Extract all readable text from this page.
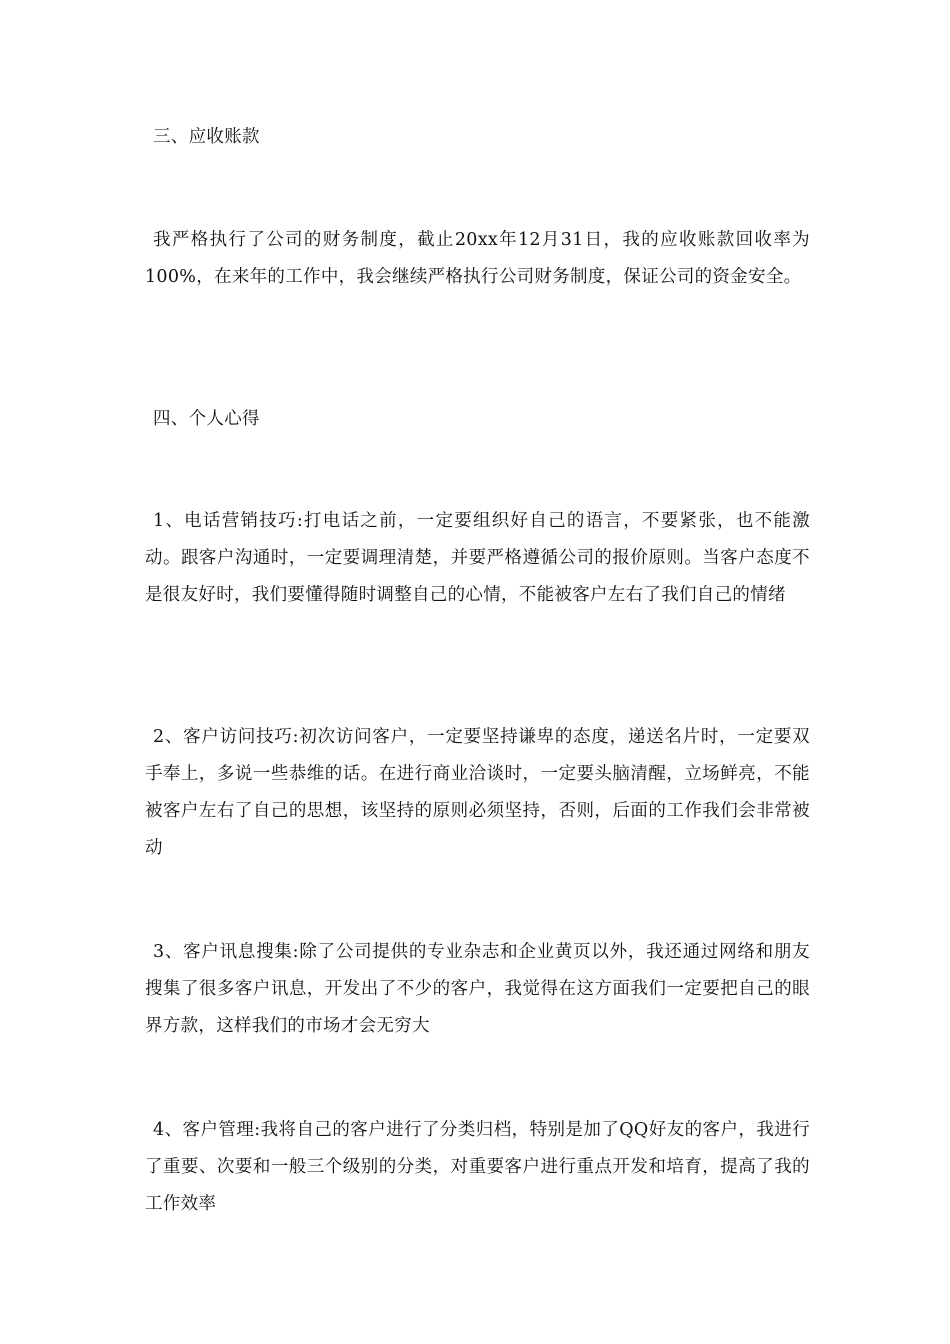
三、应收账款

我严格执行了公司的财务制度，截止20xx年12月31日，我的应收账款回收率为100%，在来年的工作中，我会继续严格执行公司财务制度，保证公司的资金安全。

四、个人心得

1、电话营销技巧:打电话之前，一定要组织好自己的语言，不要紧张，也不能激动。跟客户沟通时，一定要调理清楚，并要严格遵循公司的报价原则。当客户态度不是很友好时，我们要懂得随时调整自己的心情，不能被客户左右了我们自己的情绪

2、客户访问技巧:初次访问客户，一定要坚持谦卑的态度，递送名片时，一定要双手奉上，多说一些恭维的话。在进行商业洽谈时，一定要头脑清醒，立场鲜亮，不能被客户左右了自己的思想，该坚持的原则必须坚持，否则，后面的工作我们会非常被动

3、客户讯息搜集:除了公司提供的专业杂志和企业黄页以外，我还通过网络和朋友搜集了很多客户讯息，开发出了不少的客户，我觉得在这方面我们一定要把自己的眼界方款，这样我们的市场才会无穷大

4、客户管理:我将自己的客户进行了分类归档，特别是加了QQ好友的客户，我进行了重要、次要和一般三个级别的分类，对重要客户进行重点开发和培育，提高了我的工作效率
